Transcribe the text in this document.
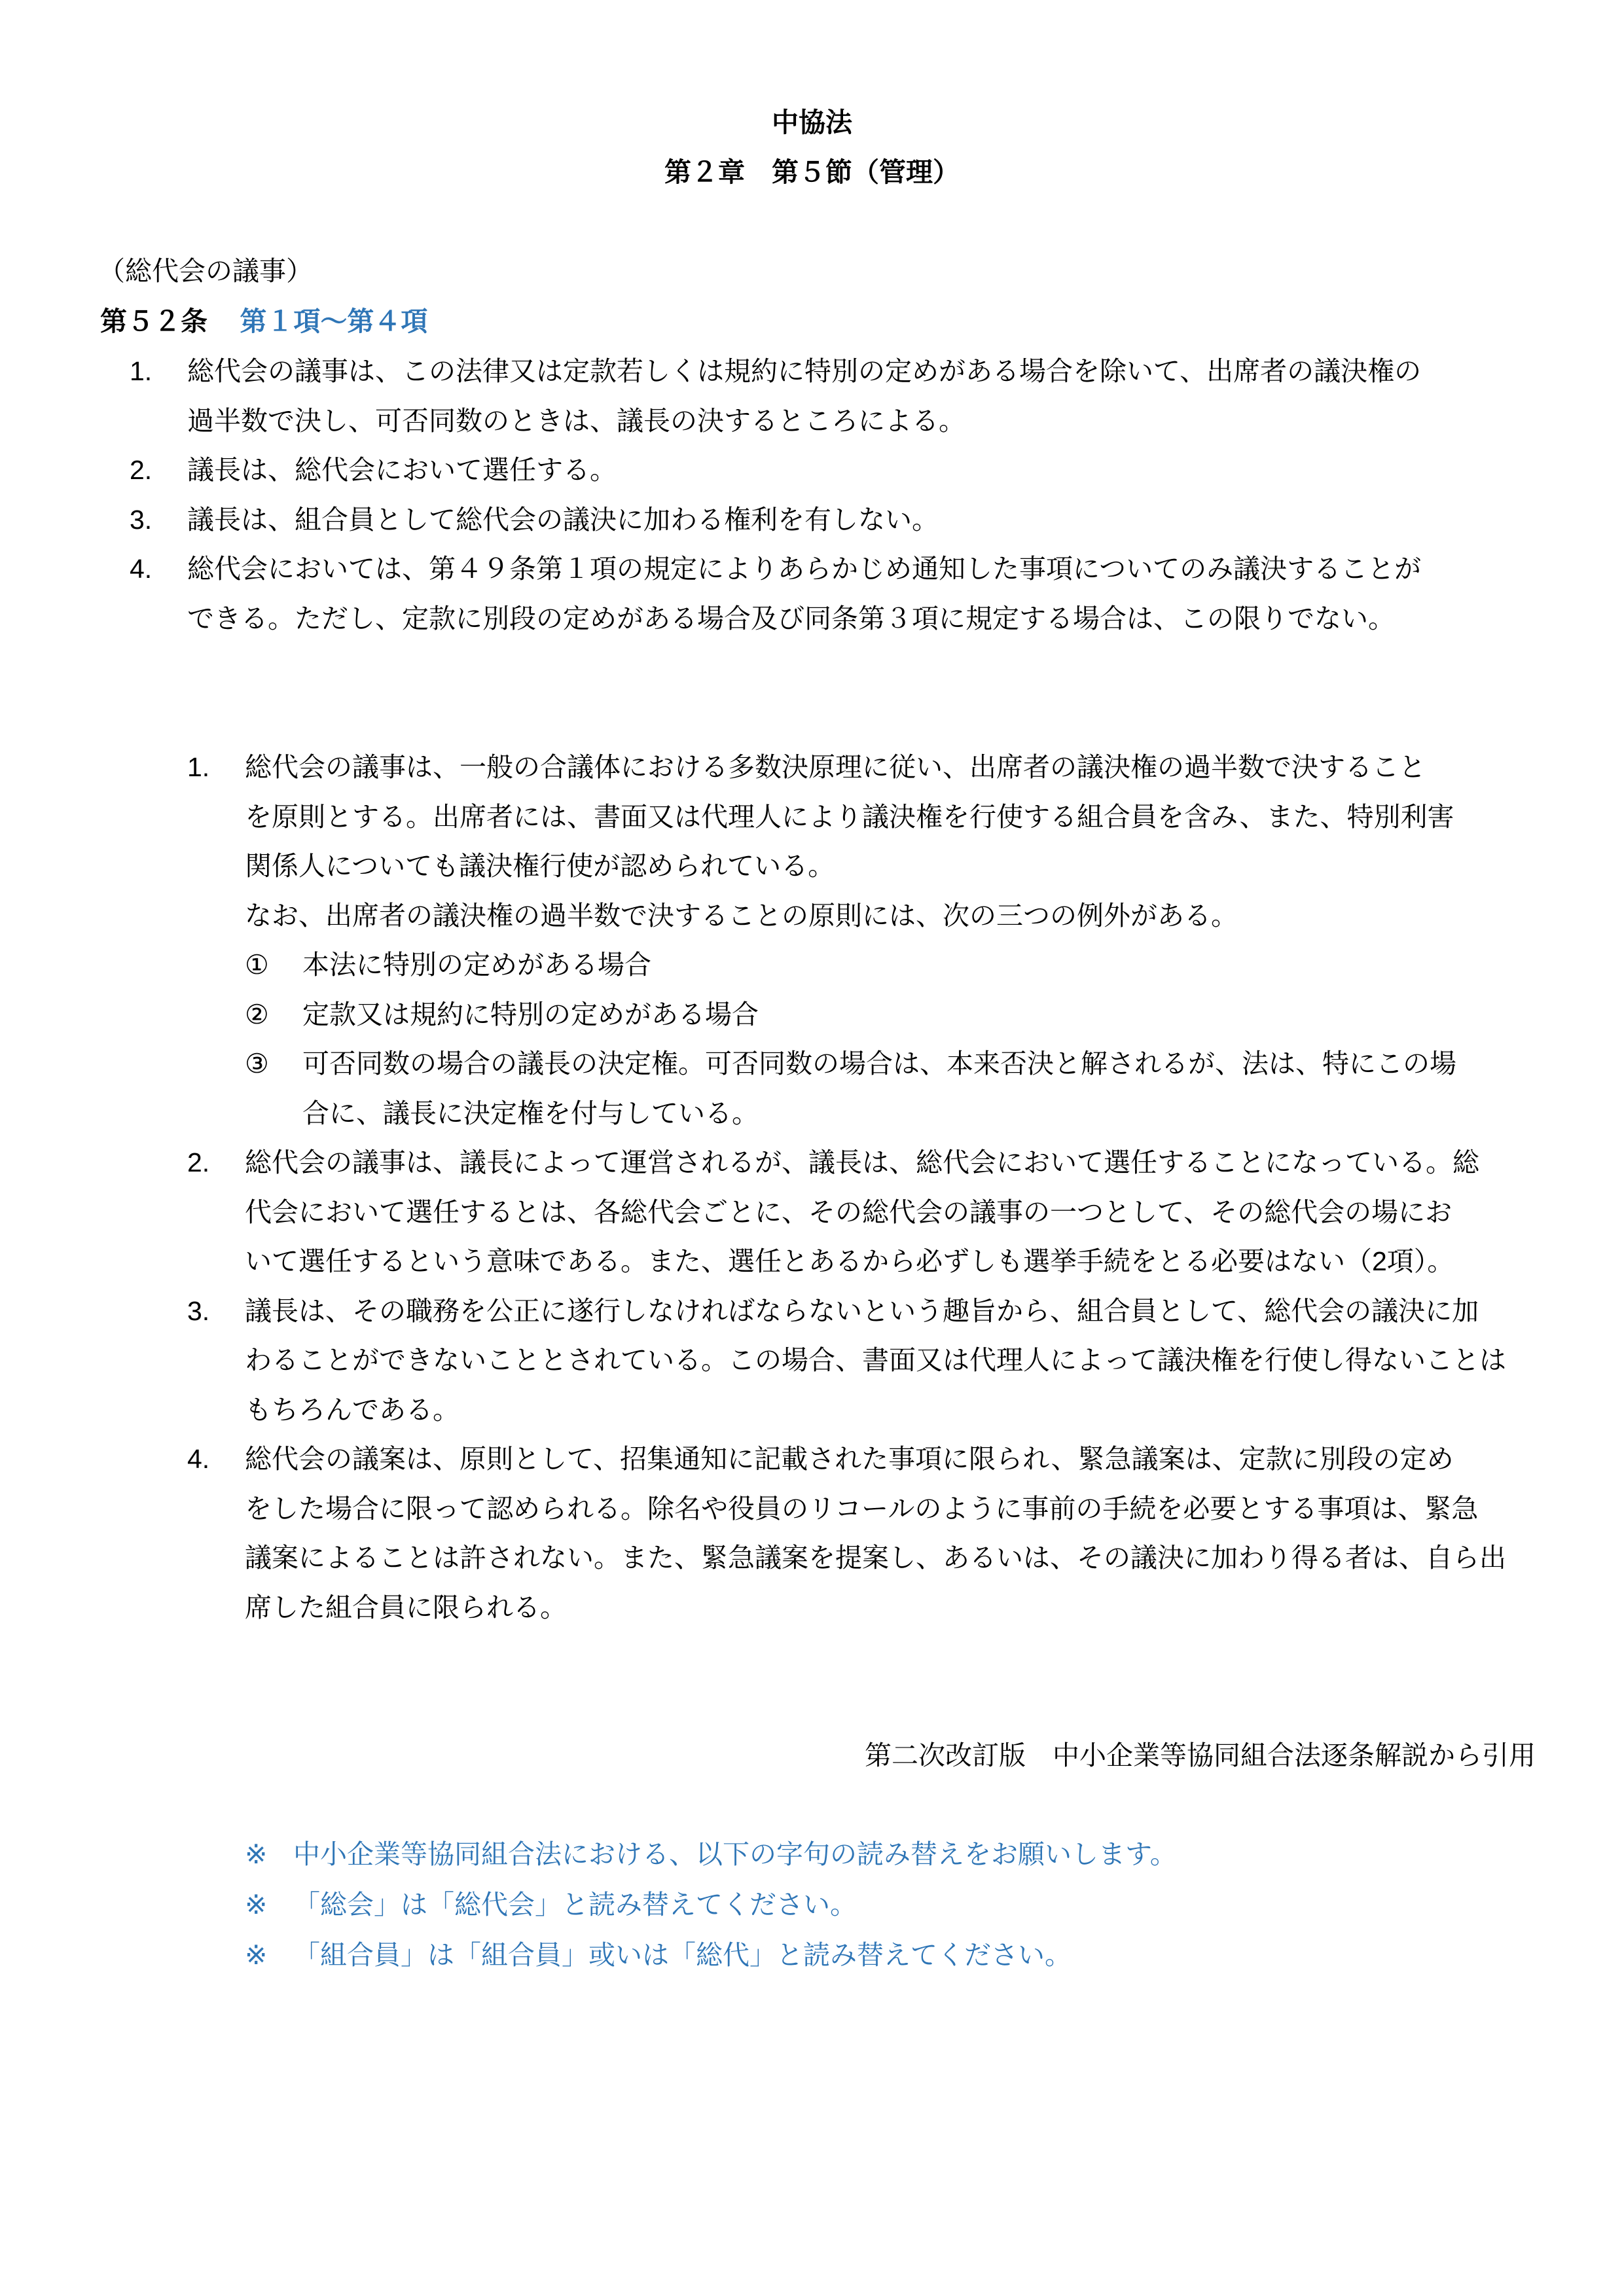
中協法
第２章　第５節（管理）
（総代会の議事）
第５２条 第１項～第４項
第二次改訂版　中小企業等協同組合法逐条解説から引用
1. 総代会の議事は、この法律又は定款若しくは規約に特別の定めがある場合を除いて、出席者の議決権の
過半数で決し、可否同数のときは、議長の決するところによる。
2. 議長は、総代会において選任する。
3. 議長は、組合員として総代会の議決に加わる権利を有しない。
4. 総代会においては、第４９条第１項の規定によりあらかじめ通知した事項についてのみ議決することが
できる。ただし、定款に別段の定めがある場合及び同条第３項に規定する場合は、この限りでない。
1. 総代会の議事は、一般の合議体における多数決原理に従い、出席者の議決権の過半数で決すること
を原則とする。出席者には、書面又は代理人により議決権を行使する組合員を含み、また、特別利害
関係人についても議決権行使が認められている。
なお、出席者の議決権の過半数で決することの原則には、次の三つの例外がある。
① 本法に特別の定めがある場合
② 定款又は規約に特別の定めがある場合
③ 可否同数の場合の議長の決定権。可否同数の場合は、本来否決と解されるが、法は、特にこの場
合に、議長に決定権を付与している。
2. 総代会の議事は、議長によって運営されるが、議長は、総代会において選任することになっている。総
代会において選任するとは、各総代会ごとに、その総代会の議事の一つとして、その総代会の場にお
いて選任するという意味である。また、選任とあるから必ずしも選挙手続をとる必要はない（2項）。
3. 議長は、その職務を公正に遂行しなければならないという趣旨から、組合員として、総代会の議決に加
わることができないこととされている。この場合、書面又は代理人によって議決権を行使し得ないことは
もちろんである。
4. 総代会の議案は、原則として、招集通知に記載された事項に限られ、緊急議案は、定款に別段の定め
をした場合に限って認められる。除名や役員のリコールのように事前の手続を必要とする事項は、緊急
議案によることは許されない。また、緊急議案を提案し、あるいは、その議決に加わり得る者は、自ら出
席した組合員に限られる。
※ 中小企業等協同組合法における、以下の字句の読み替えをお願いします。
※ 「総会」は「総代会」と読み替えてください。
※ 「組合員」は「組合員」或いは「総代」と読み替えてください。
